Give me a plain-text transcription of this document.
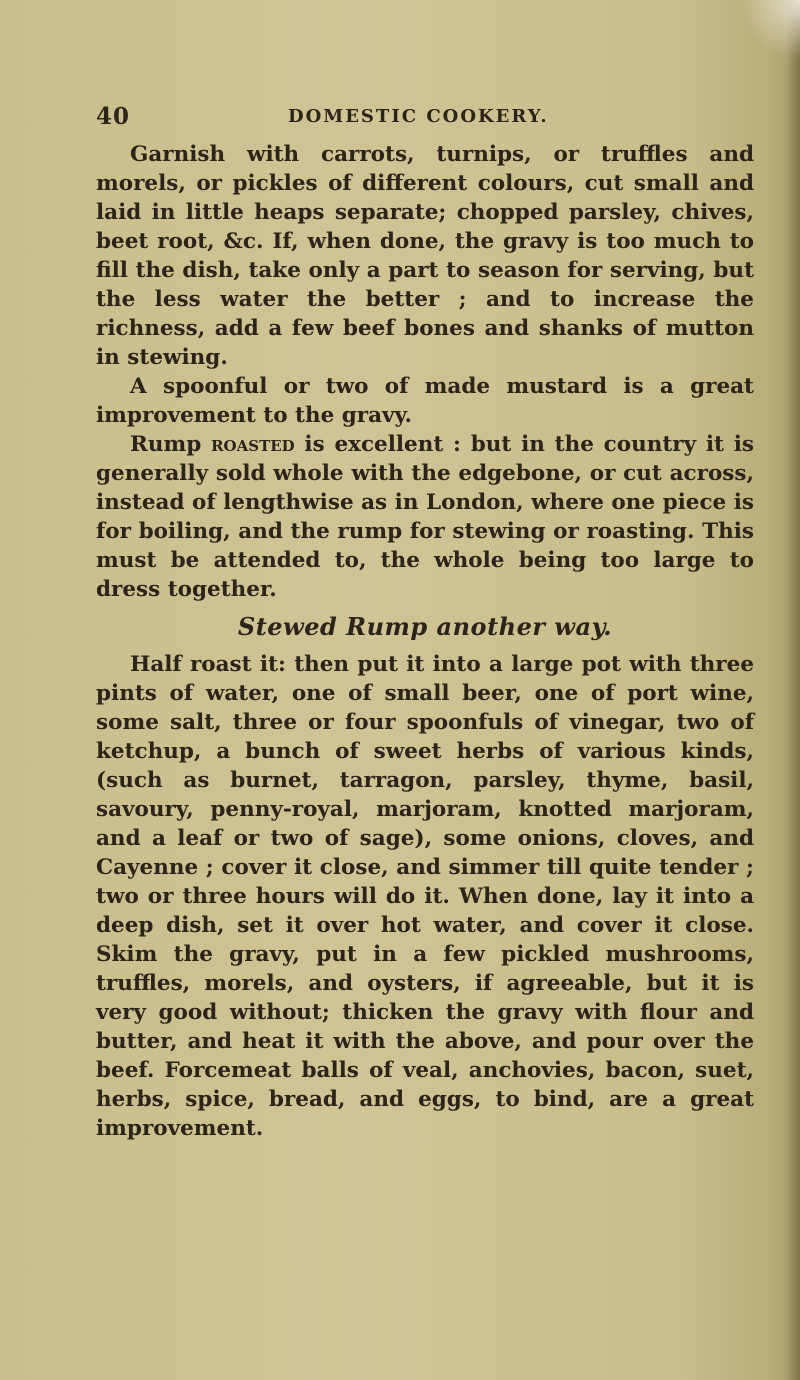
40	DOMESTIC COOKERY.

Garnish with carrots, turnips, or truffles and morels, or pickles of different colours, cut small and laid in little heaps separate; chopped parsley, chives, beet root, &c. If, when done, the gravy is too much to fill the dish, take only a part to season for serving, but the less water the better ; and to increase the richness, add a few beef bones and shanks of mutton in stewing.

A spoonful or two of made mustard is a great improvement to the gravy.

Rump roasted is excellent : but in the country it is generally sold whole with the edgebone, or cut across, instead of lengthwise as in London, where one piece is for boiling, and the rump for stewing or roasting. This must be attended to, the whole being too large to dress together.

Stewed Rump another way.

Half roast it: then put it into a large pot with three pints of water, one of small beer, one of port wine, some salt, three or four spoonfuls of vinegar, two of ketchup, a bunch of sweet herbs of various kinds, (such as burnet, tarragon, parsley, thyme, basil, savoury, penny-royal, marjoram, knotted marjoram, and a leaf or two of sage), some onions, cloves, and Cayenne ; cover it close, and simmer till quite tender ; two or three hours will do it. When done, lay it into a deep dish, set it over hot water, and cover it close. Skim the gravy, put in a few pickled mushrooms, truffles, morels, and oysters, if agreeable, but it is very good without; thicken the gravy with flour and butter, and heat it with the above, and pour over the beef. Forcemeat balls of veal, anchovies, bacon, suet, herbs, spice, bread, and eggs, to bind, are a great improvement.
